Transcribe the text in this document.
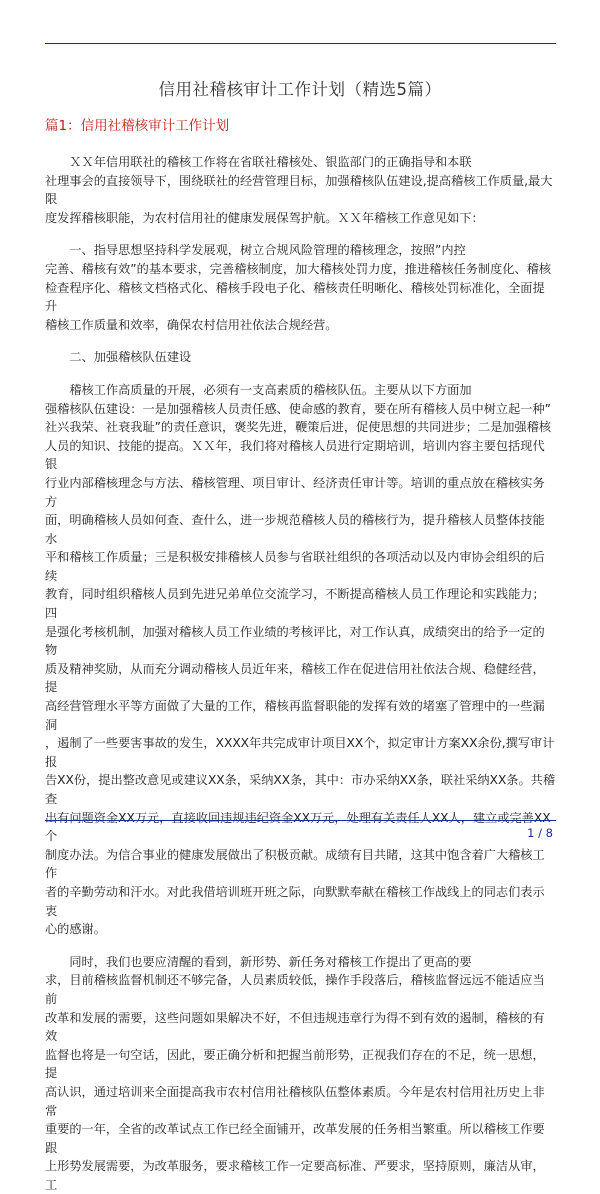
信用社稽核审计工作计划（精选5篇）
篇1：信用社稽核审计工作计划

　　ＸＸ年信用联社的稽核工作将在省联社稽核处、银监部门的正确指导和本联

社理事会的直接领导下，围绕联社的经营管理目标，加强稽核队伍建设,提高稽核工作质量,最大限

度发挥稽核职能，为农村信用社的健康发展保驾护航。ＸＸ年稽核工作意见如下：

　　一、指导思想坚持科学发展观，树立合规风险管理的稽核理念，按照”内控

完善、稽核有效”的基本要求，完善稽核制度，加大稽核处罚力度，推进稽核任务制度化、稽核

检查程序化、稽核文档格式化、稽核手段电子化、稽核责任明晰化、稽核处罚标准化，全面提升

稽核工作质量和效率，确保农村信用社依法合规经营。

　　二、加强稽核队伍建设

　　稽核工作高质量的开展，必须有一支高素质的稽核队伍。主要从以下方面加

强稽核队伍建设：一是加强稽核人员责任感、使命感的教育，要在所有稽核人员中树立起一种”

社兴我荣、社衰我耻”的责任意识，褒奖先进，鞭策后进，促使思想的共同进步；二是加强稽核

人员的知识、技能的提高。ＸＸ年，我们将对稽核人员进行定期培训，培训内容主要包括现代银

行业内部稽核理念与方法、稽核管理、项目审计、经济责任审计等。培训的重点放在稽核实务方

面，明确稽核人员如何查、查什么，进一步规范稽核人员的稽核行为，提升稽核人员整体技能水

平和稽核工作质量；三是积极安排稽核人员参与省联社组织的各项活动以及内审协会组织的后续

教育，同时组织稽核人员到先进兄弟单位交流学习，不断提高稽核人员工作理论和实践能力；四

是强化考核机制，加强对稽核人员工作业绩的考核评比，对工作认真，成绩突出的给予一定的物

质及精神奖励，从而充分调动稽核人员近年来，稽核工作在促进信用社依法合规、稳健经营，提

高经营管理水平等方面做了大量的工作，稽核再监督职能的发挥有效的堵塞了管理中的一些漏洞

，遏制了一些要害事故的发生，XXXX年共完成审计项目XX个，拟定审计方案XX余份,撰写审计报

告XX份，提出整改意见或建议XX条，采纳XX条，其中：市办采纳XX条，联社采纳XX条。共稽查

出有问题资金XX万元，直接收回违规违纪资金XX万元，处理有关责任人XX人，建立或完善XX个

制度办法。为信合事业的健康发展做出了积极贡献。成绩有目共睹，这其中饱含着广大稽核工作

者的辛勤劳动和汗水。对此我借培训班开班之际，向默默奉献在稽核工作战线上的同志们表示衷

心的感谢。

　　同时，我们也要应清醒的看到，新形势、新任务对稽核工作提出了更高的要

求，目前稽核监督机制还不够完备，人员素质较低，操作手段落后，稽核监督远远不能适应当前

改革和发展的需要，这些问题如果解决不好，不但违规违章行为得不到有效的遏制，稽核的有效

监督也将是一句空话，因此，要正确分析和把握当前形势，正视我们存在的不足，统一思想，提

高认识，通过培训来全面提高我市农村信用社稽核队伍整体素质。今年是农村信用社历史上非常

重要的一年，全省的改革试点工作已经全面铺开，改革发展的任务相当繁重。所以稽核工作要跟

上形势发展需要，为改革服务，要求稽核工作一定要高标准、严要求，坚持原则，廉洁从审，工

1 / 8
